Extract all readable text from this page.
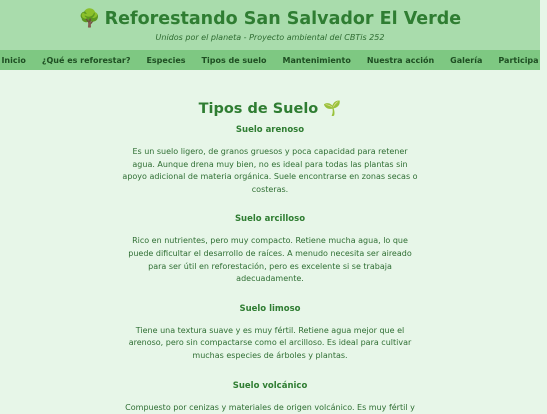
🌳 Reforestando San Salvador El Verde
Unidos por el planeta - Proyecto ambiental del CBTis 252
Inicio	¿Qué es reforestar?	Especies	Tipos de suelo	Mantenimiento	Nuestra acción	Galería	Participa
Tipos de Suelo 🌱
Suelo arenoso
Es un suelo ligero, de granos gruesos y poca capacidad para retener agua. Aunque drena muy bien, no es ideal para todas las plantas sin apoyo adicional de materia orgánica. Suele encontrarse en zonas secas o costeras.
Suelo arcilloso
Rico en nutrientes, pero muy compacto. Retiene mucha agua, lo que puede dificultar el desarrollo de raíces. A menudo necesita ser aireado para ser útil en reforestación, pero es excelente si se trabaja adecuadamente.
Suelo limoso
Tiene una textura suave y es muy fértil. Retiene agua mejor que el arenoso, pero sin compactarse como el arcilloso. Es ideal para cultivar muchas especies de árboles y plantas.
Suelo volcánico
Compuesto por cenizas y materiales de origen volcánico. Es muy fértil y
